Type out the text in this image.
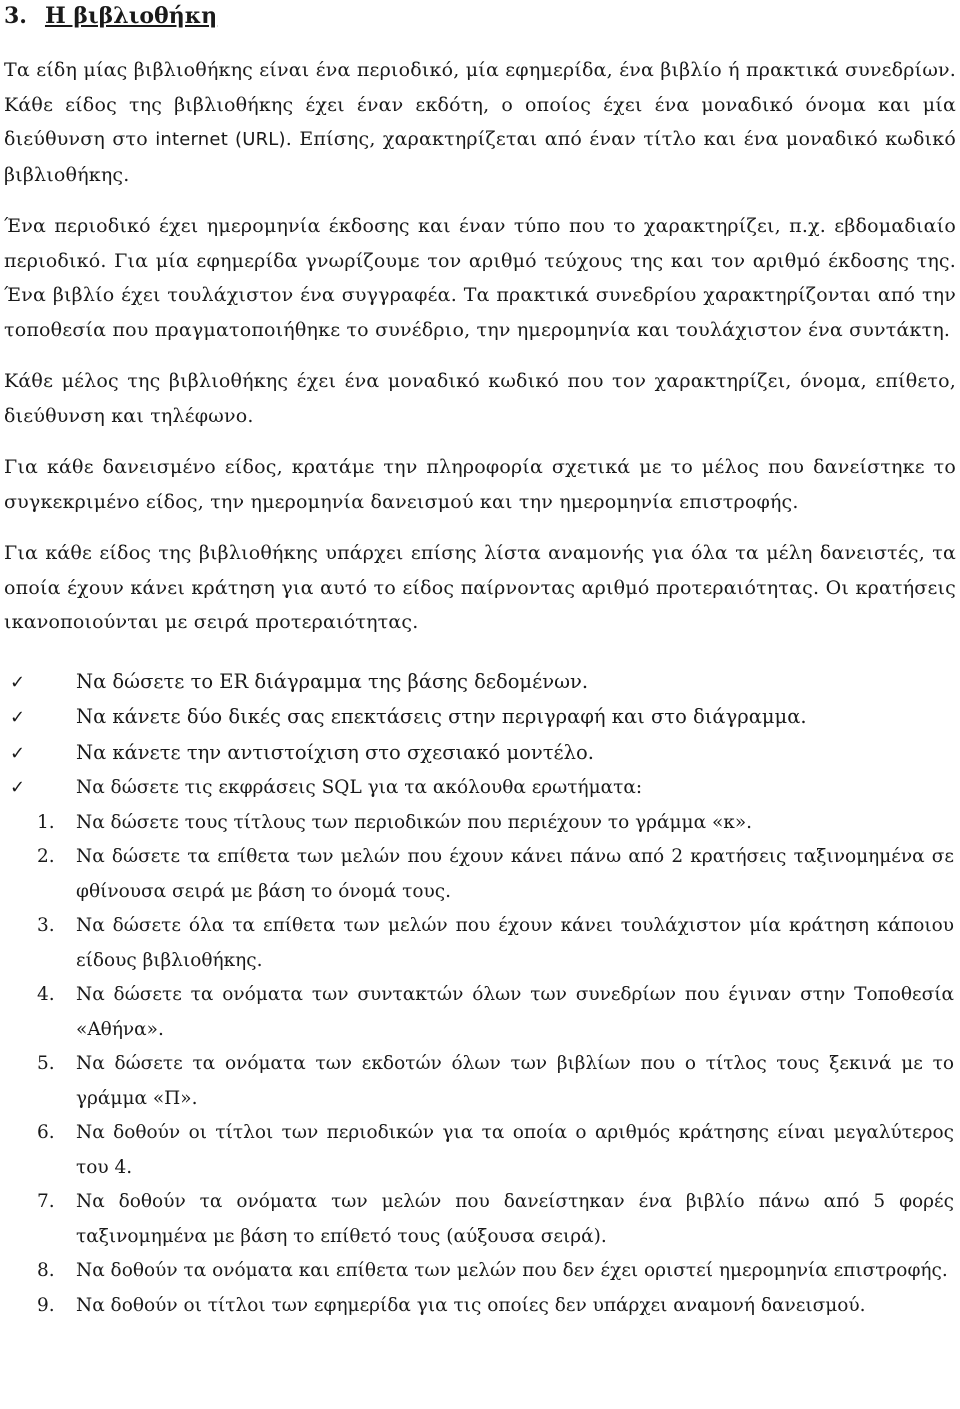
3. Η βιβλιοθήκη

Τα είδη μίας βιβλιοθήκης είναι ένα περιοδικό, μία εφημερίδα, ένα βιβλίο ή πρακτικά συνεδρίων. Κάθε είδος της βιβλιοθήκης έχει έναν εκδότη, ο οποίος έχει ένα μοναδικό όνομα και μία διεύθυνση στο internet (URL). Επίσης, χαρακτηρίζεται από έναν τίτλο και ένα μοναδικό κωδικό βιβλιοθήκης.

Ένα περιοδικό έχει ημερομηνία έκδοσης και έναν τύπο που το χαρακτηρίζει, π.χ. εβδομαδιαίο περιοδικό. Για μία εφημερίδα γνωρίζουμε τον αριθμό τεύχους της και τον αριθμό έκδοσης της. Ένα βιβλίο έχει τουλάχιστον ένα συγγραφέα. Τα πρακτικά συνεδρίου χαρακτηρίζονται από την τοποθεσία που πραγματοποιήθηκε το συνέδριο, την ημερομηνία και τουλάχιστον ένα συντάκτη.

Κάθε μέλος της βιβλιοθήκης έχει ένα μοναδικό κωδικό που τον χαρακτηρίζει, όνομα, επίθετο, διεύθυνση και τηλέφωνο.

Για κάθε δανεισμένο είδος, κρατάμε την πληροφορία σχετικά με το μέλος που δανείστηκε το συγκεκριμένο είδος, την ημερομηνία δανεισμού και την ημερομηνία επιστροφής.

Για κάθε είδος της βιβλιοθήκης υπάρχει επίσης λίστα αναμονής για όλα τα μέλη δανειστές, τα οποία έχουν κάνει κράτηση για αυτό το είδος παίρνοντας αριθμό προτεραιότητας. Οι κρατήσεις ικανοποιούνται με σειρά προτεραιότητας.

✓	Να δώσετε το ER διάγραμμα της βάσης δεδομένων.
✓	Να κάνετε δύο δικές σας επεκτάσεις στην περιγραφή και στο διάγραμμα.
✓	Να κάνετε την αντιστοίχιση στο σχεσιακό μοντέλο.
✓	Να δώσετε τις εκφράσεις SQL για τα ακόλουθα ερωτήματα:
1.	Να δώσετε τους τίτλους των περιοδικών που περιέχουν το γράμμα «κ».
2.	Να δώσετε τα επίθετα των μελών που έχουν κάνει πάνω από 2 κρατήσεις ταξινομημένα σε φθίνουσα σειρά με βάση το όνομά τους.
3.	Να δώσετε όλα τα επίθετα των μελών που έχουν κάνει τουλάχιστον μία κράτηση κάποιου είδους βιβλιοθήκης.
4.	Να δώσετε τα ονόματα των συντακτών όλων των συνεδρίων που έγιναν στην Τοποθεσία «Αθήνα».
5.	Να δώσετε τα ονόματα των εκδοτών όλων των βιβλίων που ο τίτλος τους ξεκινά με το γράμμα «Π».
6.	Να δοθούν οι τίτλοι των περιοδικών για τα οποία ο αριθμός κράτησης είναι μεγαλύτερος του 4.
7.	Να δοθούν τα ονόματα των μελών που δανείστηκαν ένα βιβλίο πάνω από 5 φορές ταξινομημένα με βάση το επίθετό τους (αύξουσα σειρά).
8.	Να δοθούν τα ονόματα και επίθετα των μελών που δεν έχει οριστεί ημερομηνία επιστροφής.
9.	Να δοθούν οι τίτλοι των εφημερίδα για τις οποίες δεν υπάρχει αναμονή δανεισμού.
